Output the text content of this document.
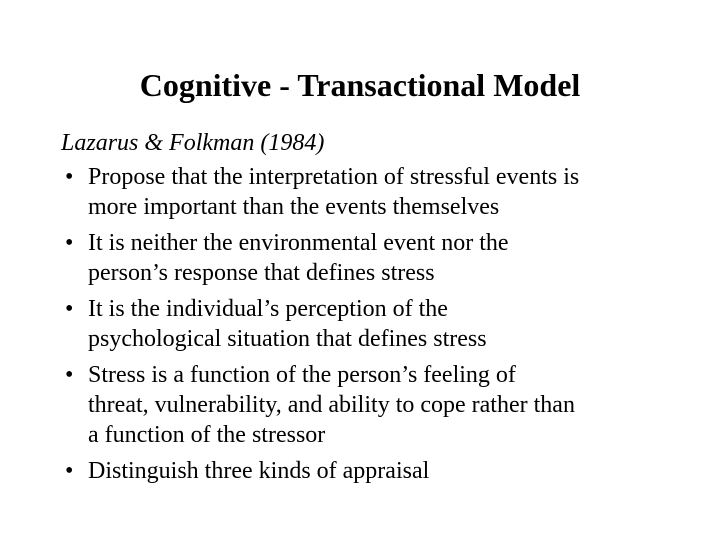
Cognitive - Transactional Model
Lazarus & Folkman (1984)
• Propose that the interpretation of stressful events is
more important than the events themselves
• It is neither the environmental event nor the
person’s response that defines stress
• It is the individual’s perception of the
psychological situation that defines stress
• Stress is a function of the person’s feeling of
threat, vulnerability, and ability to cope rather than
a function of the stressor
• Distinguish three kinds of appraisal
